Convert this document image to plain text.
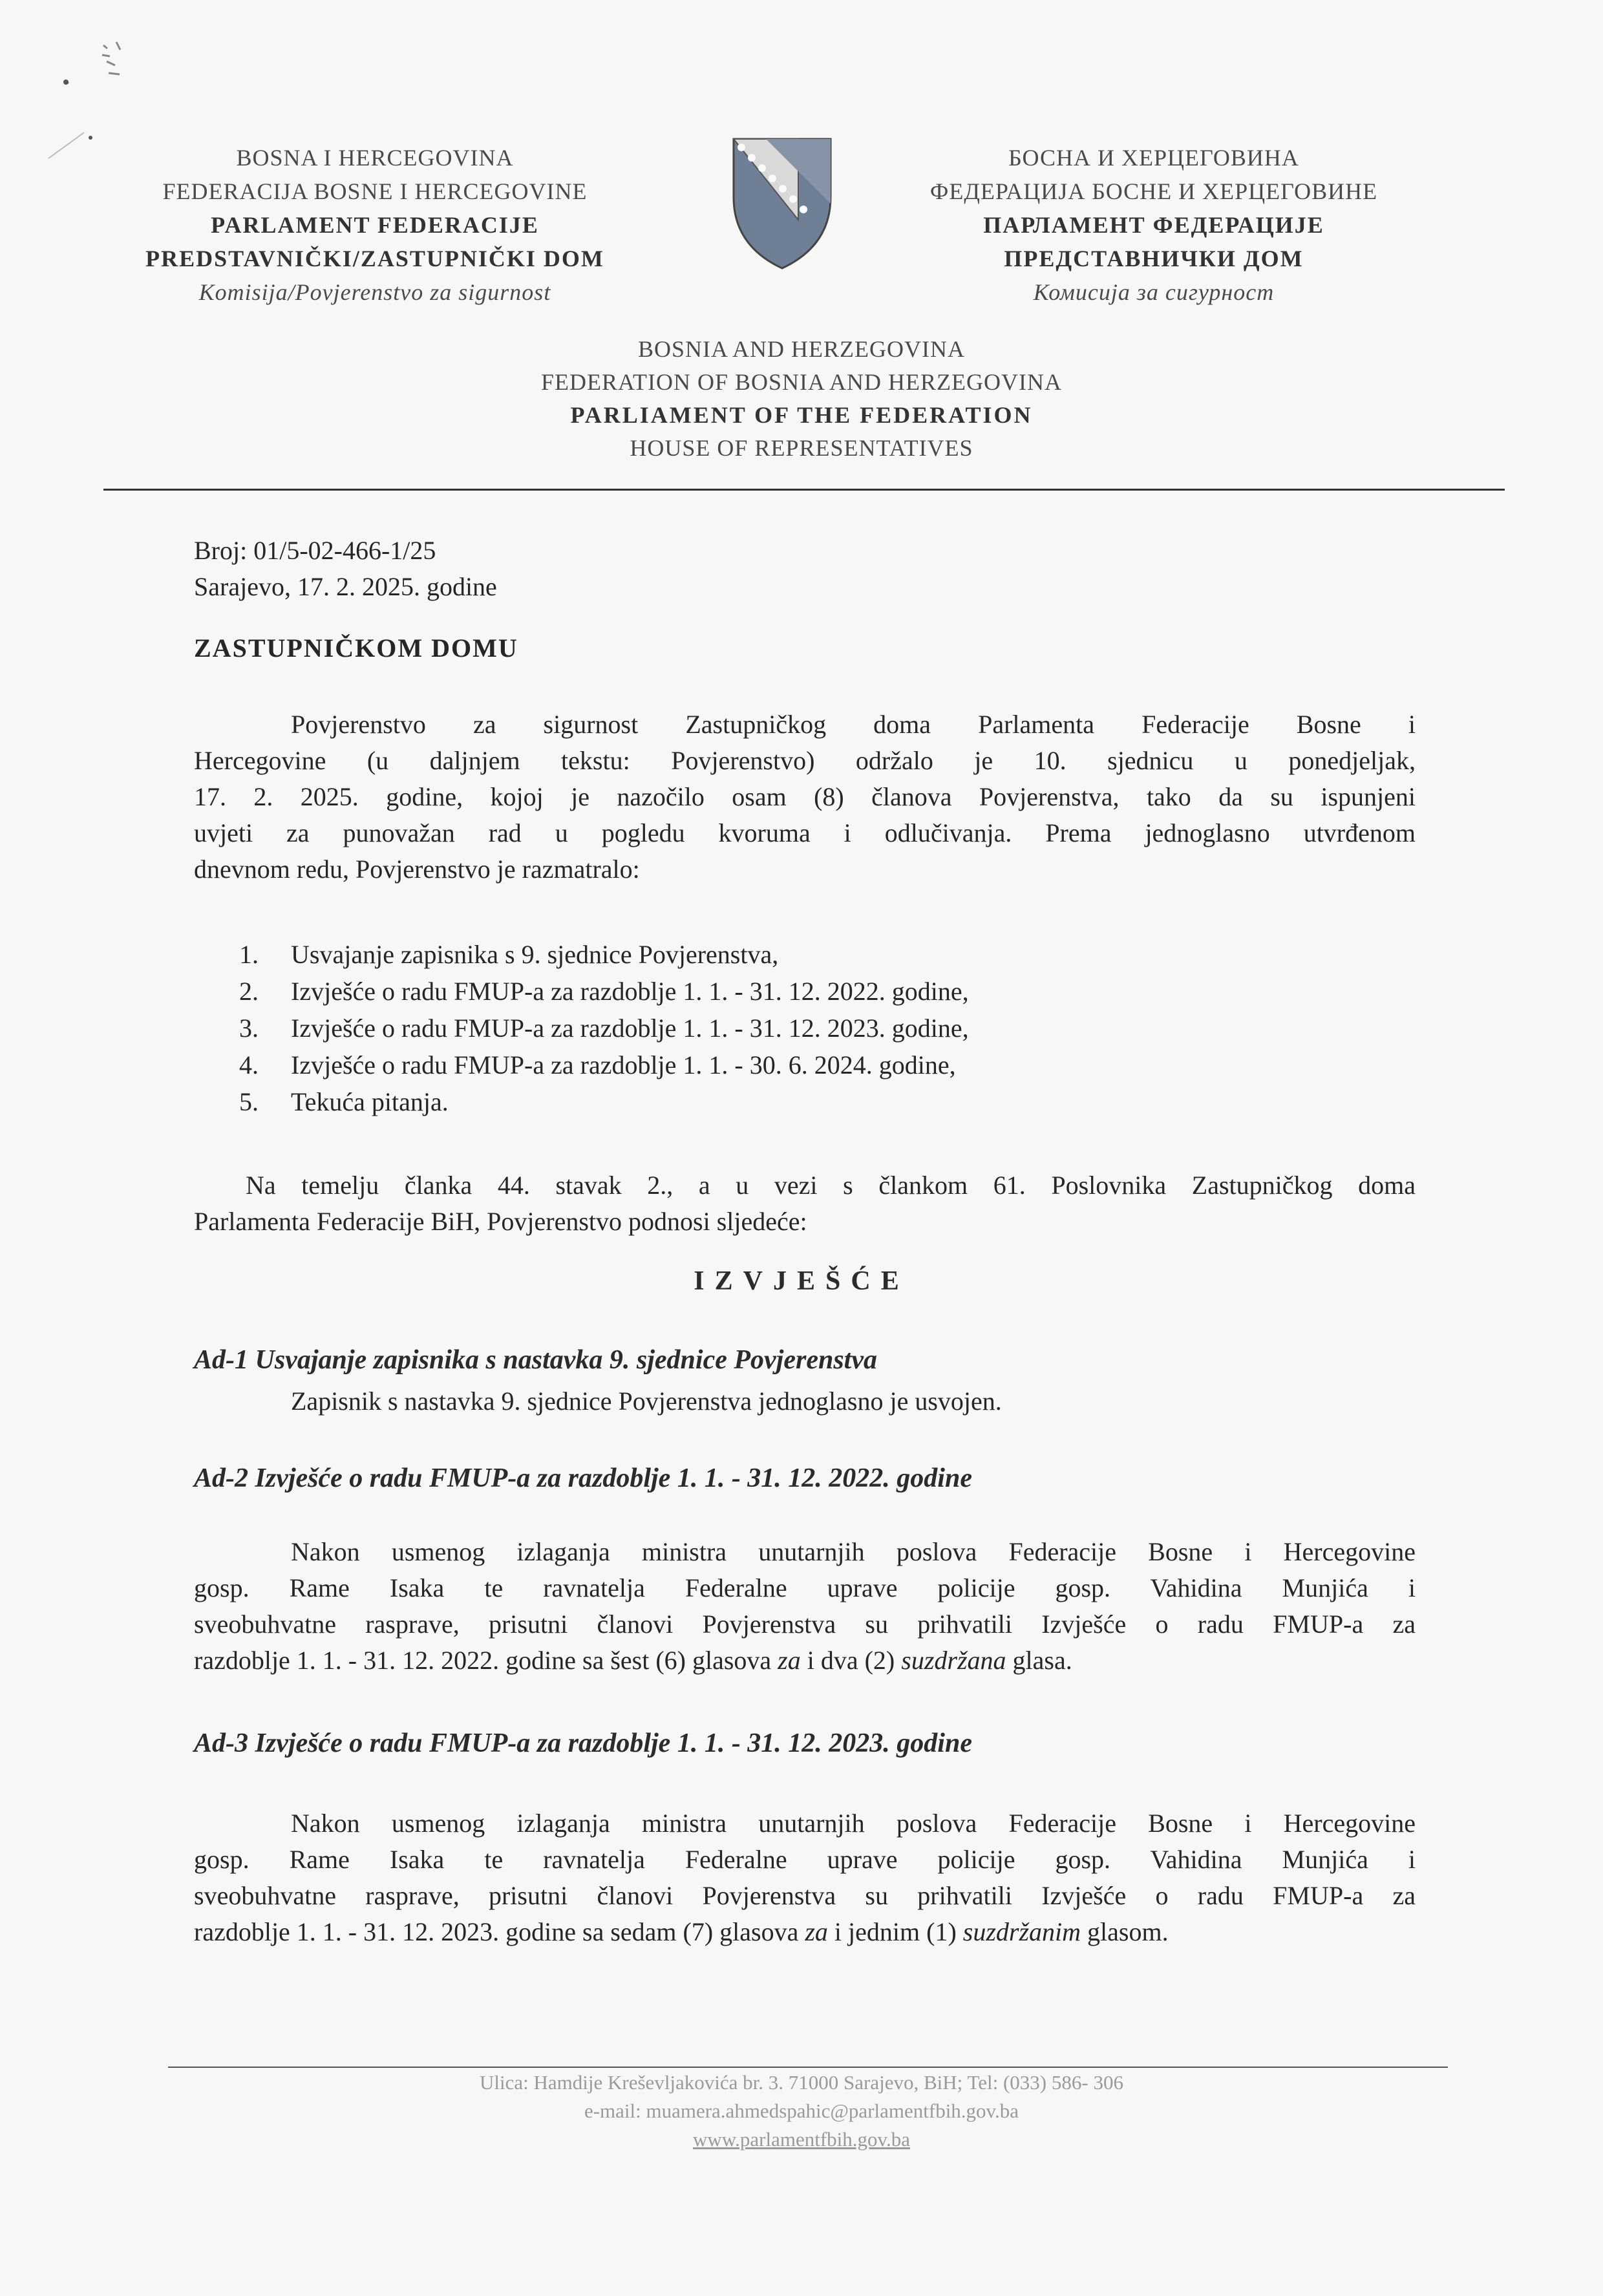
BOSNA I HERCEGOVINA
FEDERACIJA BOSNE I HERCEGOVINE
PARLAMENT FEDERACIJE
PREDSTAVNIČKI/ZASTUPNIČKI DOM
Komisija/Povjerenstvo za sigurnost
БОСНА И ХЕРЦЕГОВИНА
ФЕДЕРАЦИЈА БОСНЕ И ХЕРЦЕГОВИНЕ
ПАРЛАМЕНТ ФЕДЕРАЦИЈЕ
ПРЕДСТАВНИЧКИ ДОМ
Комисија за сигурност
BOSNIA AND HERZEGOVINA
FEDERATION OF BOSNIA AND HERZEGOVINA
PARLIAMENT OF THE FEDERATION
HOUSE OF REPRESENTATIVES
Broj: 01/5-02-466-1/25
Sarajevo, 17. 2. 2025. godine
ZASTUPNIČKOM DOMU
Povjerenstvo za sigurnost Zastupničkog doma Parlamenta Federacije Bosne i
Hercegovine (u daljnjem tekstu: Povjerenstvo) održalo je 10. sjednicu u ponedjeljak,
17. 2. 2025. godine, kojoj je nazočilo osam (8) članova Povjerenstva, tako da su ispunjeni
uvjeti za punovažan rad u pogledu kvoruma i odlučivanja. Prema jednoglasno utvrđenom
dnevnom redu, Povjerenstvo je razmatralo:
1. Usvajanje zapisnika s 9. sjednice Povjerenstva,
2. Izvješće o radu FMUP-a za razdoblje 1. 1. - 31. 12. 2022. godine,
3. Izvješće o radu FMUP-a za razdoblje 1. 1. - 31. 12. 2023. godine,
4. Izvješće o radu FMUP-a za razdoblje 1. 1. - 30. 6. 2024. godine,
5. Tekuća pitanja.
Na temelju članka 44. stavak 2., a u vezi s člankom 61. Poslovnika Zastupničkog doma
Parlamenta Federacije BiH, Povjerenstvo podnosi sljedeće:
IZVJEŠĆE
Ad-1 Usvajanje zapisnika s nastavka 9. sjednice Povjerenstva
Zapisnik s nastavka 9. sjednice Povjerenstva jednoglasno je usvojen.
Ad-2 Izvješće o radu FMUP-a za razdoblje 1. 1. - 31. 12. 2022. godine
Nakon usmenog izlaganja ministra unutarnjih poslova Federacije Bosne i Hercegovine
gosp. Rame Isaka te ravnatelja Federalne uprave policije gosp. Vahidina Munjića i
sveobuhvatne rasprave, prisutni članovi Povjerenstva su prihvatili Izvješće o radu FMUP-a za
razdoblje 1. 1. - 31. 12. 2022. godine sa šest (6) glasova za i dva (2) suzdržana glasa.
Ad-3 Izvješće o radu FMUP-a za razdoblje 1. 1. - 31. 12. 2023. godine
Nakon usmenog izlaganja ministra unutarnjih poslova Federacije Bosne i Hercegovine
gosp. Rame Isaka te ravnatelja Federalne uprave policije gosp. Vahidina Munjića i
sveobuhvatne rasprave, prisutni članovi Povjerenstva su prihvatili Izvješće o radu FMUP-a za
razdoblje 1. 1. - 31. 12. 2023. godine sa sedam (7) glasova za i jednim (1) suzdržanim glasom.
Ulica: Hamdije Kreševljakovića br. 3. 71000 Sarajevo, BiH; Tel: (033) 586- 306
e-mail: muamera.ahmedspahic@parlamentfbih.gov.ba
www.parlamentfbih.gov.ba
